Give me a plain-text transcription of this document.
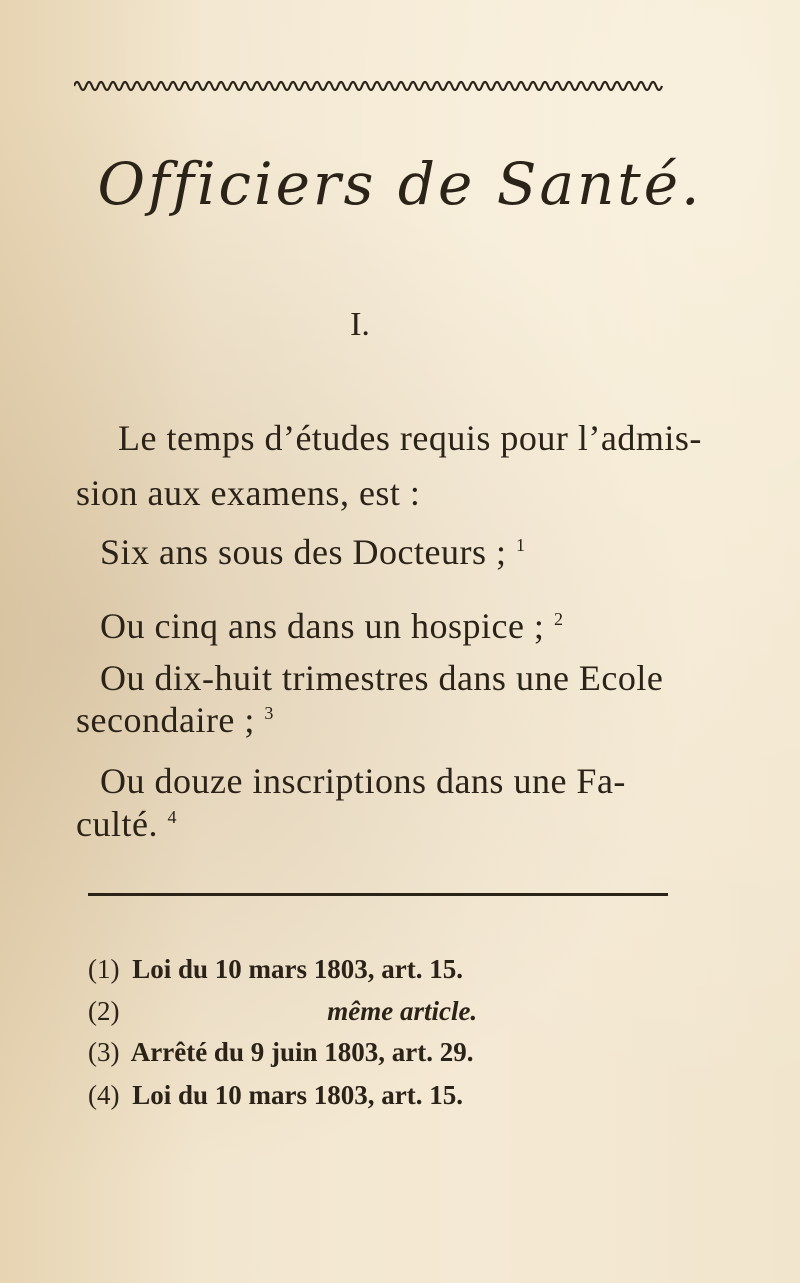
Officiers de Santé.
I.
Le temps d’études requis pour l’admis-
sion aux examens, est :
Six ans sous des Docteurs ; $^1$
Ou cinq ans dans un hospice ; $^2$
Ou dix-huit trimestres dans une Ecole
secondaire ; $^3$
Ou douze inscriptions dans une Fa-
culté. $^4$
(1) Loi du 10 mars 1803, art. 15.
(2)	même article.
(3) Arrêté du 9 juin 1803, art. 29.
(4) Loi du 10 mars 1803, art. 15.
